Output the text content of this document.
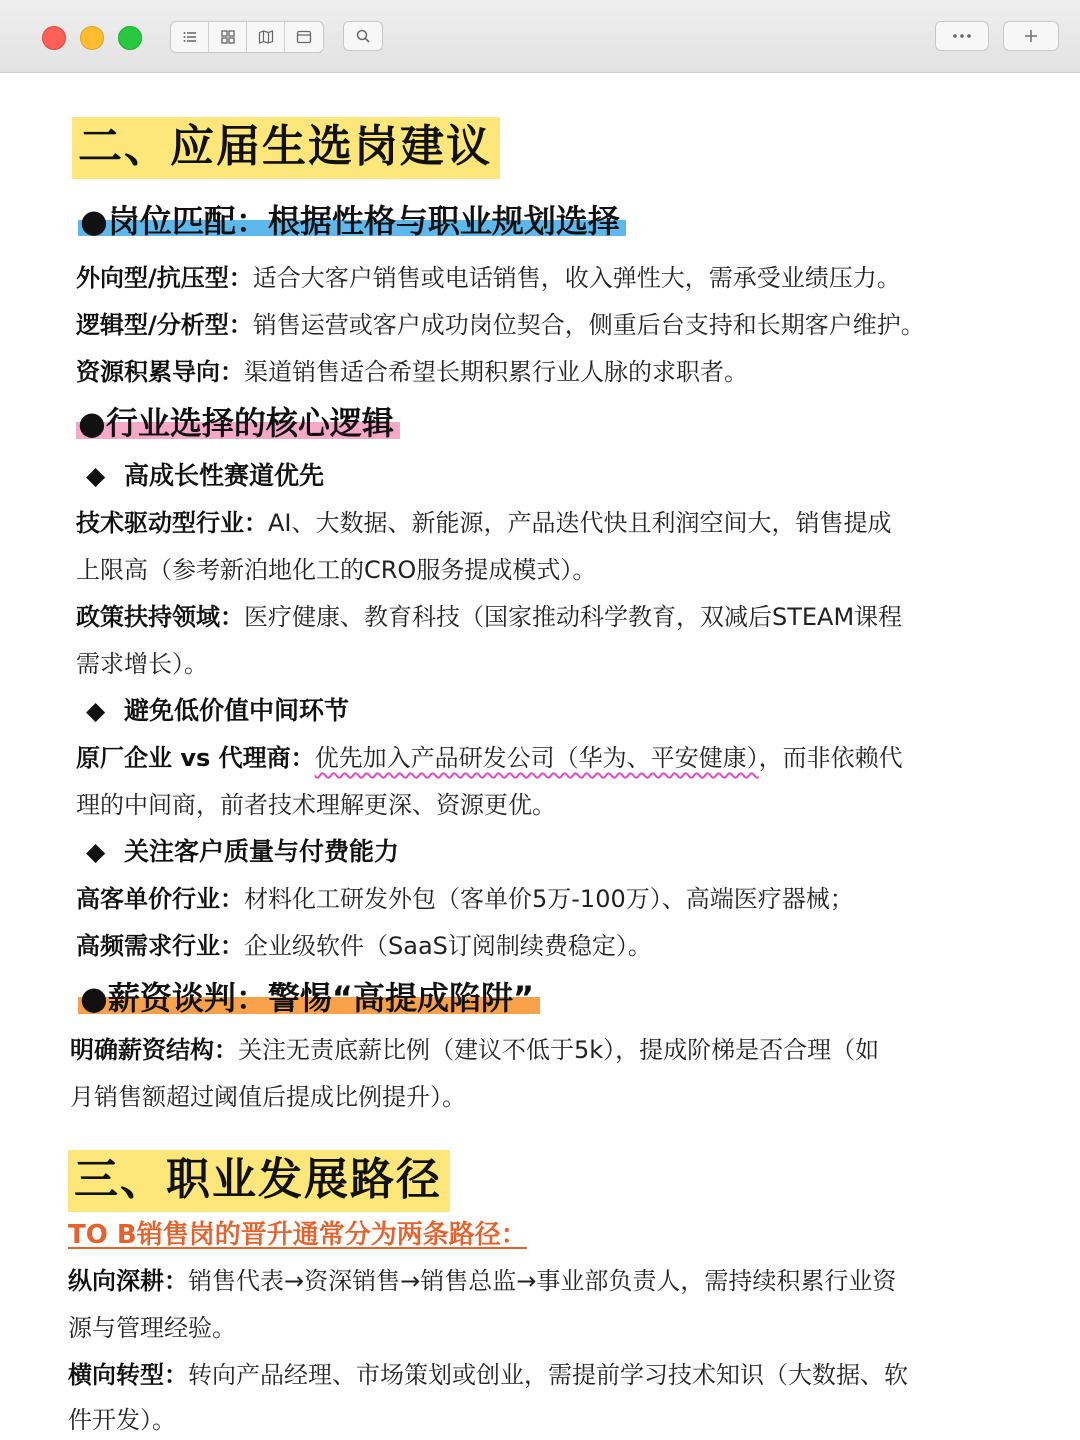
二、应届生选岗建议
●岗位匹配：根据性格与职业规划选择
外向型/抗压型：适合大客户销售或电话销售，收入弹性大，需承受业绩压力。
逻辑型/分析型：销售运营或客户成功岗位契合，侧重后台支持和长期客户维护。
资源积累导向：渠道销售适合希望长期积累行业人脉的求职者。
●行业选择的核心逻辑
◆ 高成长性赛道优先
技术驱动型行业：AI、大数据、新能源，产品迭代快且利润空间大，销售提成
上限高（参考新泊地化工的CRO服务提成模式）。
政策扶持领域：医疗健康、教育科技（国家推动科学教育，双减后STEAM课程
需求增长）。
◆ 避免低价值中间环节
原厂企业 vs 代理商：优先加入产品研发公司（华为、平安健康），而非依赖代
理的中间商，前者技术理解更深、资源更优。
◆ 关注客户质量与付费能力
高客单价行业：材料化工研发外包（客单价5万-100万）、高端医疗器械；
高频需求行业：企业级软件（SaaS订阅制续费稳定）。
●薪资谈判：警惕“高提成陷阱”
明确薪资结构：关注无责底薪比例（建议不低于5k），提成阶梯是否合理（如
月销售额超过阈值后提成比例提升）。
三、职业发展路径
TO B销售岗的晋升通常分为两条路径：
纵向深耕：销售代表→资深销售→销售总监→事业部负责人，需持续积累行业资
源与管理经验。
横向转型：转向产品经理、市场策划或创业，需提前学习技术知识（大数据、软
件开发）。
